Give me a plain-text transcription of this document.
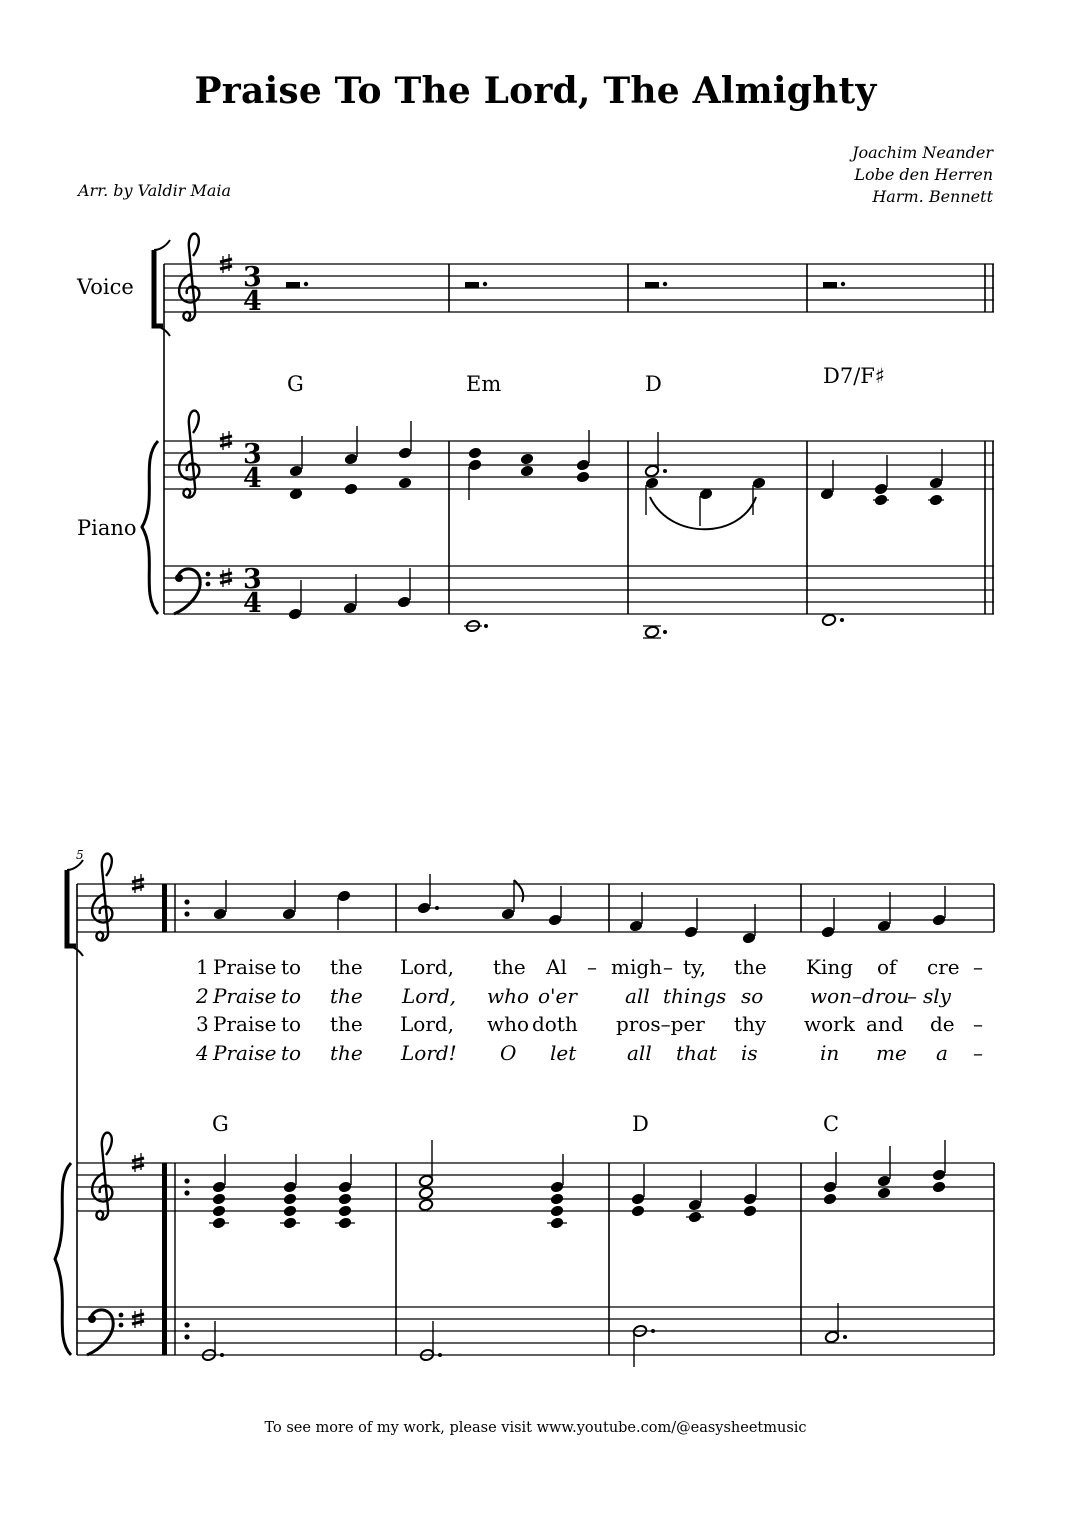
Praise To The Lord, The Almighty
Joachim Neander
Lobe den Herren
Harm. Bennett
Arr. by Valdir Maia
Voice
Piano
3
4
3
4
3
4
G	Em	D	D7/F♯
5
1 Praise to the Lord, the Al – migh – ty, the King of cre –
2 Praise to the Lord, who o'er all things so won–drou
– sly
3 Praise to the Lord, who doth pros–per thy work and de –
4 Praise to the Lord! O let	all that is	in me a –
G	D	C
To see more of my work, please visit www.youtube.com/@easysheetmusic
